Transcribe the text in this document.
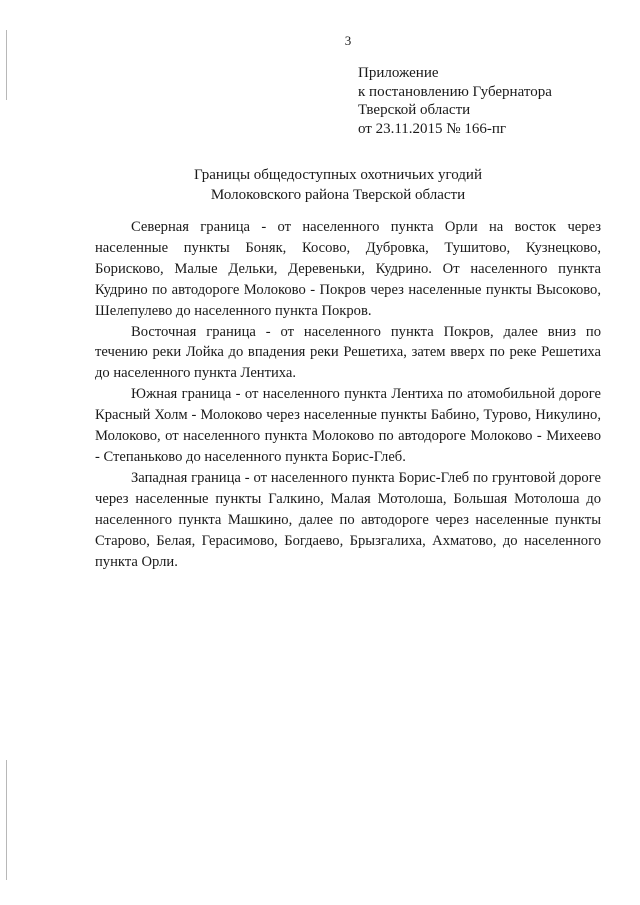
3
Приложение
к постановлению Губернатора
Тверской области
от 23.11.2015 № 166-пг
Границы общедоступных охотничьих угодий
Молоковского района Тверской области

Северная граница - от населенного пункта Орли на восток через населенные пункты Боняк, Косово, Дубровка, Тушитово, Кузнецково, Борисково, Малые Дельки, Деревеньки, Кудрино. От населенного пункта Кудрино по автодороге Молоково - Покров через населенные пункты Высоково, Шелепулево до населенного пункта Покров.

Восточная граница - от населенного пункта Покров, далее вниз по течению реки Лойка до впадения реки Решетиха, затем вверх по реке Решетиха до населенного пункта Лентиха.

Южная граница - от населенного пункта Лентиха по атомобильной дороге Красный Холм - Молоково через населенные пункты Бабино, Турово, Никулино, Молоково, от населенного пункта Молоково по автодороге Молоково - Михеево - Степаньково до населенного пункта Борис-Глеб.

Западная граница - от населенного пункта Борис-Глеб по грунтовой дороге через населенные пункты Галкино, Малая Мотолоша, Большая Мотолоша до населенного пункта Машкино, далее по автодороге через населенные пункты Старово, Белая, Герасимово, Богдаево, Брызгалиха, Ахматово, до населенного пункта Орли.
